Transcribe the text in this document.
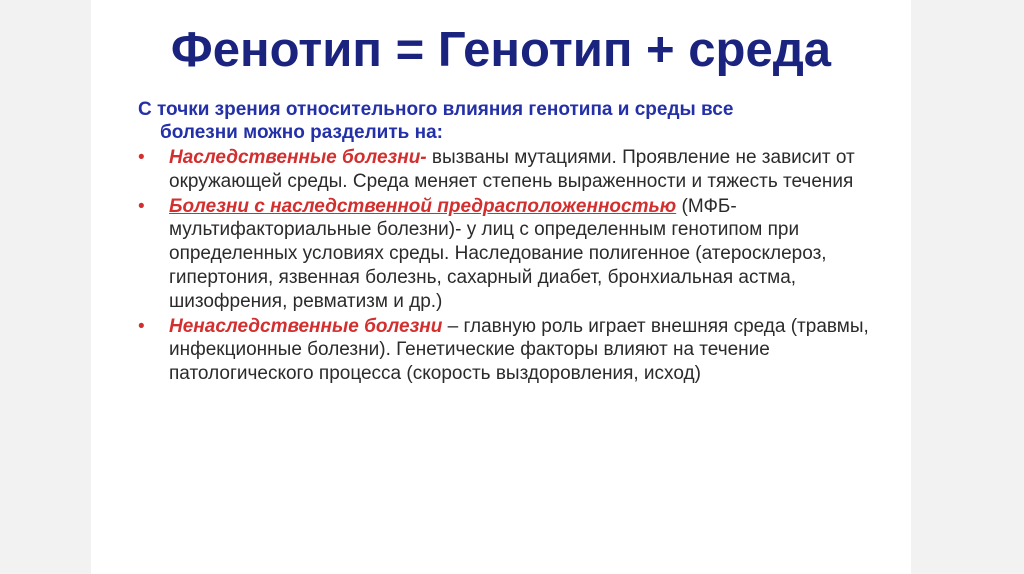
Фенотип = Генотип + среда

С точки зрения относительного влияния генотипа и среды все
болезни можно разделить на:

• Наследственные болезни- вызваны мутациями. Проявление не зависит от окружающей среды. Среда меняет степень выраженности и тяжесть течения
• Болезни с наследственной предрасположенностью (МФБ-мультифакториальные болезни)- у лиц с определенным генотипом при определенных условиях среды. Наследование полигенное (атеросклероз, гипертония, язвенная болезнь, сахарный диабет, бронхиальная астма, шизофрения, ревматизм и др.)
• Ненаследственные болезни – главную роль играет внешняя среда (травмы, инфекционные болезни). Генетические факторы влияют на течение патологического процесса (скорость выздоровления, исход)
